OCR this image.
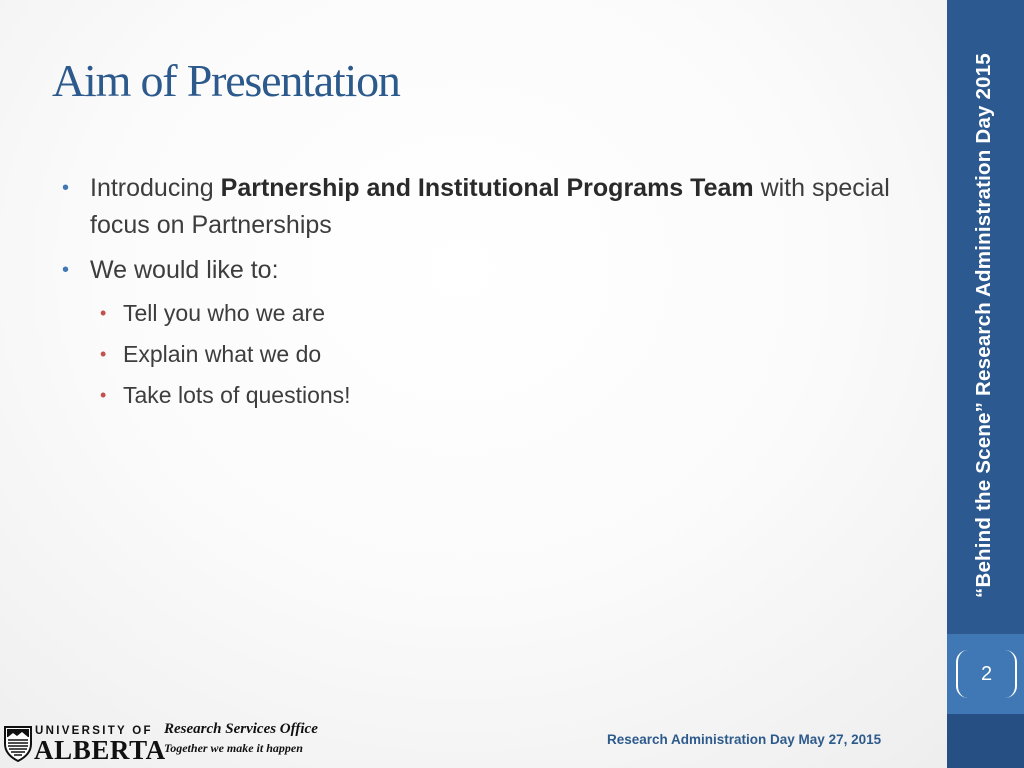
Aim of Presentation
• Introducing Partnership and Institutional Programs Team with special focus on Partnerships
• We would like to:
• Tell you who we are
• Explain what we do
• Take lots of questions!	“Behind the Scene” Research Administration Day 2015
2
UNIVERSITY OF
ALBERTA
Research Services Office
Together we make it happen
Research Administration Day May 27, 2015
